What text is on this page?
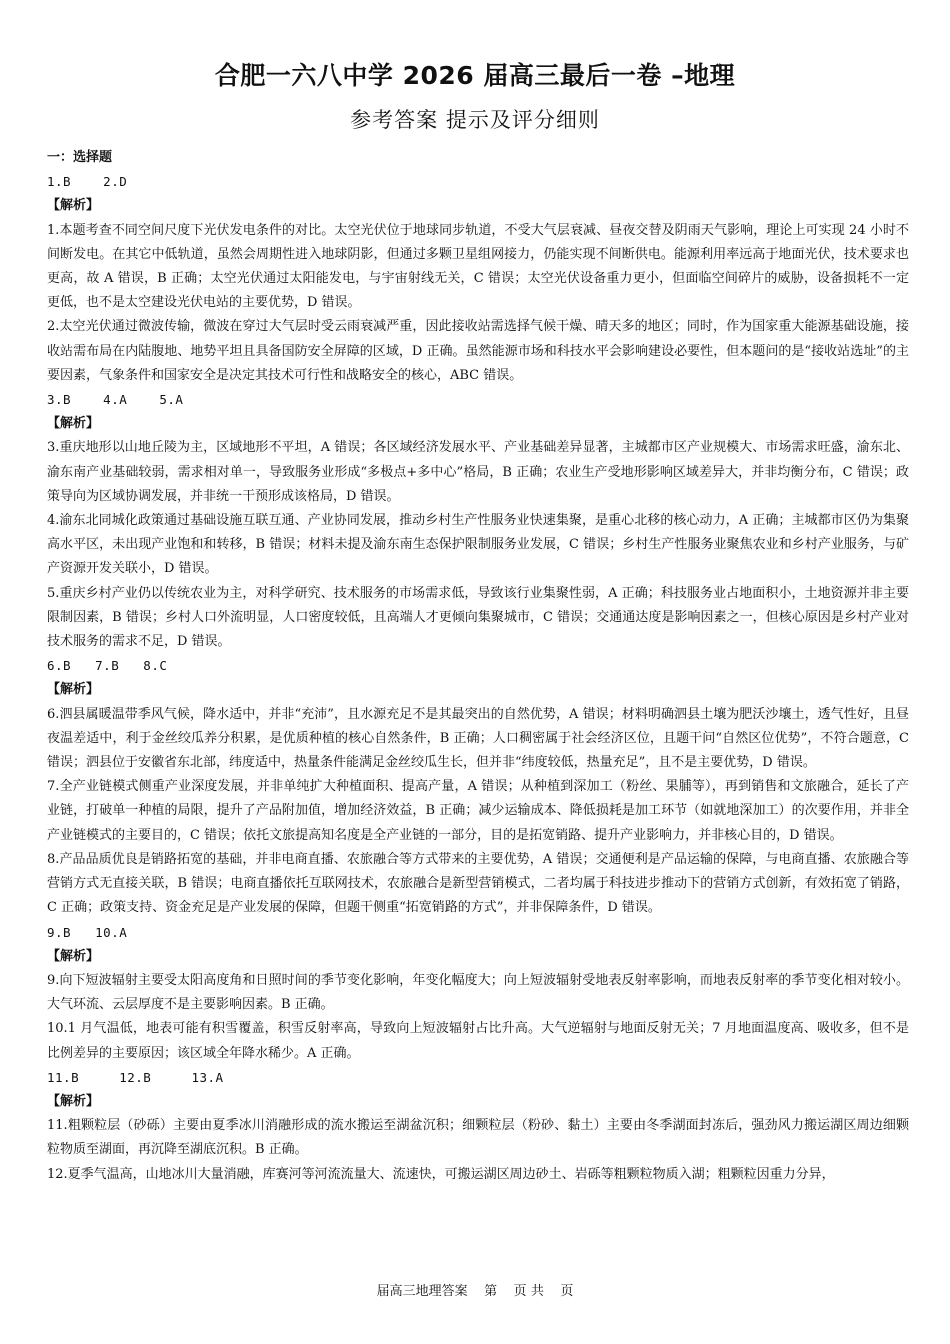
合肥一六八中学 2026 届高三最后一卷 –地理
参考答案 提示及评分细则

一：选择题

1.B    2.D

【解析】

1.本题考查不同空间尺度下光伏发电条件的对比。太空光伏位于地球同步轨道，不受大气层衰减、昼夜交替及阴雨天气影响，理论上可实现 24 小时不间断发电。在其它中低轨道，虽然会周期性进入地球阴影，但通过多颗卫星组网接力，仍能实现不间断供电。能源利用率远高于地面光伏，技术要求也更高，故 A 错误，B 正确；太空光伏通过太阳能发电，与宇宙射线无关，C 错误；太空光伏设备重力更小，但面临空间碎片的威胁，设备损耗不一定更低，也不是太空建设光伏电站的主要优势，D 错误。

2.太空光伏通过微波传输，微波在穿过大气层时受云雨衰减严重，因此接收站需选择气候干燥、晴天多的地区；同时，作为国家重大能源基础设施，接收站需布局在内陆腹地、地势平坦且具备国防安全屏障的区域，D 正确。虽然能源市场和科技水平会影响建设必要性，但本题问的是“接收站选址”的主要因素，气象条件和国家安全是决定其技术可行性和战略安全的核心，ABC 错误。

3.B    4.A    5.A

【解析】

3.重庆地形以山地丘陵为主，区域地形不平坦，A 错误；各区域经济发展水平、产业基础差异显著，主城都市区产业规模大、市场需求旺盛，渝东北、渝东南产业基础较弱，需求相对单一，导致服务业形成“多极点+多中心”格局，B 正确；农业生产受地形影响区域差异大，并非均衡分布，C 错误；政策导向为区域协调发展，并非统一干预形成该格局，D 错误。

4.渝东北同城化政策通过基础设施互联互通、产业协同发展，推动乡村生产性服务业快速集聚，是重心北移的核心动力，A 正确；主城都市区仍为集聚高水平区，未出现产业饱和和转移，B 错误；材料未提及渝东南生态保护限制服务业发展，C 错误；乡村生产性服务业聚焦农业和乡村产业服务，与矿产资源开发关联小，D 错误。

5.重庆乡村产业仍以传统农业为主，对科学研究、技术服务的市场需求低，导致该行业集聚性弱，A 正确；科技服务业占地面积小，土地资源并非主要限制因素，B 错误；乡村人口外流明显，人口密度较低，且高端人才更倾向集聚城市，C 错误；交通通达度是影响因素之一，但核心原因是乡村产业对技术服务的需求不足，D 错误。

6.B   7.B   8.C

【解析】

6.泗县属暖温带季风气候，降水适中，并非“充沛”，且水源充足不是其最突出的自然优势，A 错误；材料明确泗县土壤为肥沃沙壤土，透气性好，且昼夜温差适中，利于金丝绞瓜养分积累，是优质种植的核心自然条件，B 正确；人口稠密属于社会经济区位，且题干问“自然区位优势”，不符合题意，C 错误；泗县位于安徽省东北部，纬度适中，热量条件能满足金丝绞瓜生长，但并非“纬度较低，热量充足”，且不是主要优势，D 错误。

7.全产业链模式侧重产业深度发展，并非单纯扩大种植面积、提高产量，A 错误；从种植到深加工（粉丝、果脯等），再到销售和文旅融合，延长了产业链，打破单一种植的局限，提升了产品附加值，增加经济效益，B 正确；减少运输成本、降低损耗是加工环节（如就地深加工）的次要作用，并非全产业链模式的主要目的，C 错误；依托文旅提高知名度是全产业链的一部分，目的是拓宽销路、提升产业影响力，并非核心目的，D 错误。

8.产品品质优良是销路拓宽的基础，并非电商直播、农旅融合等方式带来的主要优势，A 错误；交通便利是产品运输的保障，与电商直播、农旅融合等营销方式无直接关联，B 错误；电商直播依托互联网技术，农旅融合是新型营销模式，二者均属于科技进步推动下的营销方式创新，有效拓宽了销路，C 正确；政策支持、资金充足是产业发展的保障，但题干侧重“拓宽销路的方式”，并非保障条件，D 错误。

9.B   10.A

【解析】

9.向下短波辐射主要受太阳高度角和日照时间的季节变化影响，年变化幅度大；向上短波辐射受地表反射率影响，而地表反射率的季节变化相对较小。大气环流、云层厚度不是主要影响因素。B 正确。

10.1 月气温低，地表可能有积雪覆盖，积雪反射率高，导致向上短波辐射占比升高。大气逆辐射与地面反射无关；7 月地面温度高、吸收多，但不是比例差异的主要原因；该区域全年降水稀少。A 正确。

11.B     12.B     13.A

【解析】

11.粗颗粒层（砂砾）主要由夏季冰川消融形成的流水搬运至湖盆沉积；细颗粒层（粉砂、黏土）主要由冬季湖面封冻后，强劲风力搬运湖区周边细颗粒物质至湖面，再沉降至湖底沉积。B 正确。

12.夏季气温高，山地冰川大量消融，库赛河等河流流量大、流速快，可搬运湖区周边砂土、岩砾等粗颗粒物质入湖；粗颗粒因重力分异，

届高三地理答案    第    页 共    页
